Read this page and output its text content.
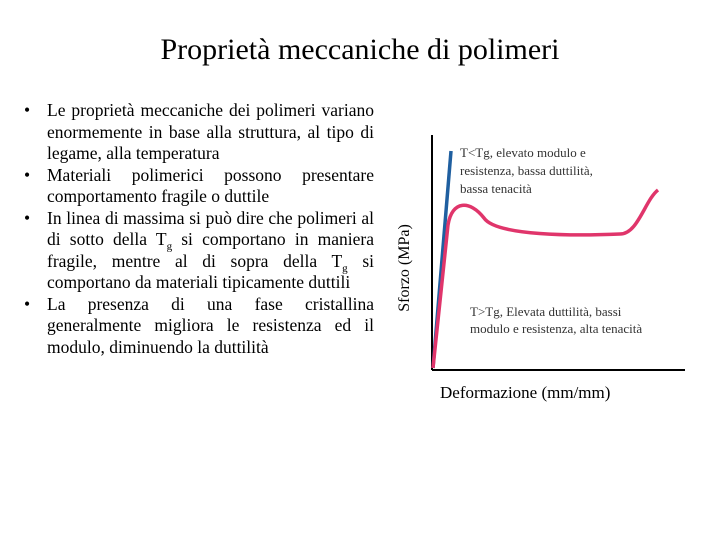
Proprietà meccaniche di polimeri
• Le proprietà meccaniche dei polimeri variano enormemente in base alla struttura, al tipo di legame, alla temperatura
• Materiali polimerici possono presentare comportamento fragile o duttile
• In linea di massima si può dire che polimeri al di sotto della $T_g$ si comportano in maniera fragile, mentre al di sopra della $T_g$ si comportano da materiali tipicamente duttili
• La presenza di una fase cristallina generalmente migliora le resistenza ed il modulo, diminuendo la duttilità
Sforzo (MPa)
T<Tg, elevato modulo e resistenza, bassa duttilità, bassa tenacità
T>Tg, Elevata duttilità, bassi modulo e resistenza, alta tenacità
Deformazione (mm/mm)
